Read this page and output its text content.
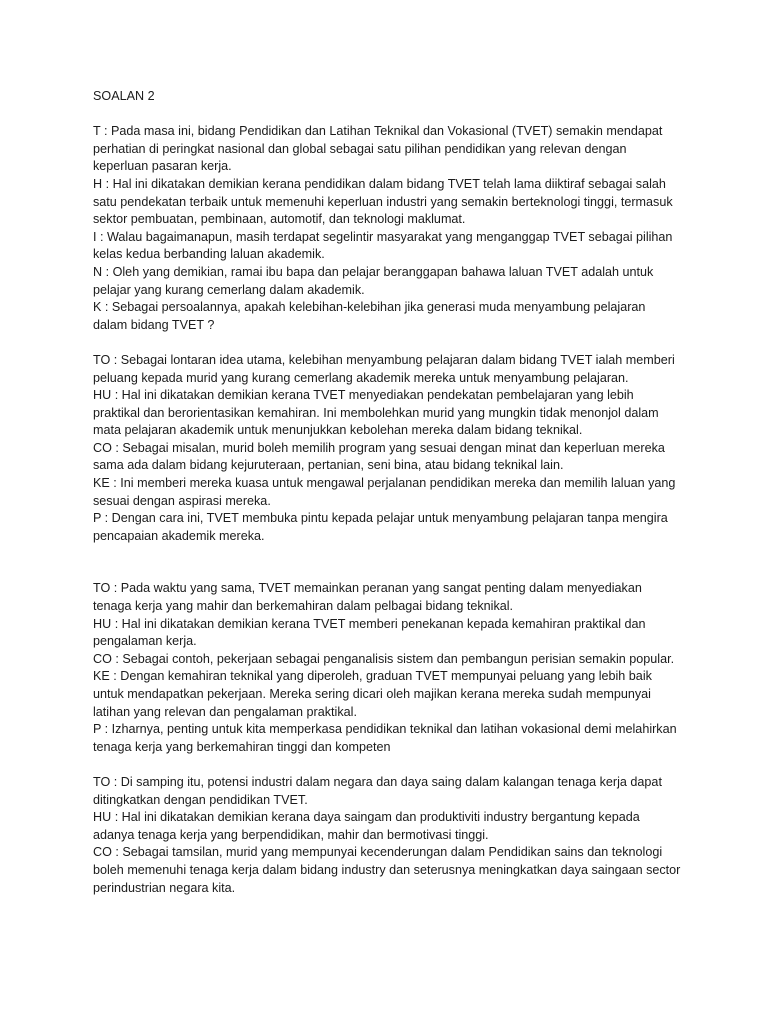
SOALAN 2

T : Pada masa ini, bidang Pendidikan dan Latihan Teknikal dan Vokasional (TVET) semakin mendapat perhatian di peringkat nasional dan global sebagai satu pilihan pendidikan yang relevan dengan keperluan pasaran kerja.

H : Hal ini dikatakan demikian kerana pendidikan dalam bidang TVET telah lama diiktiraf sebagai salah satu pendekatan terbaik untuk memenuhi keperluan industri yang semakin berteknologi tinggi, termasuk sektor pembuatan, pembinaan, automotif, dan teknologi maklumat.

I : Walau bagaimanapun, masih terdapat segelintir masyarakat yang menganggap TVET sebagai pilihan kelas kedua berbanding laluan akademik.

N : Oleh yang demikian, ramai ibu bapa dan pelajar beranggapan bahawa laluan TVET adalah untuk pelajar yang kurang cemerlang dalam akademik.

K : Sebagai persoalannya, apakah kelebihan-kelebihan jika generasi muda menyambung pelajaran dalam bidang TVET ?

TO : Sebagai lontaran idea utama, kelebihan menyambung pelajaran dalam bidang TVET ialah memberi peluang kepada murid yang kurang cemerlang akademik mereka untuk menyambung pelajaran.

HU : Hal ini dikatakan demikian kerana TVET menyediakan pendekatan pembelajaran yang lebih praktikal dan berorientasikan kemahiran. Ini membolehkan murid yang mungkin tidak menonjol dalam mata pelajaran akademik untuk menunjukkan kebolehan mereka dalam bidang teknikal.

CO : Sebagai misalan, murid boleh memilih program yang sesuai dengan minat dan keperluan mereka sama ada dalam bidang kejuruteraan, pertanian, seni bina, atau bidang teknikal lain.

KE : Ini memberi mereka kuasa untuk mengawal perjalanan pendidikan mereka dan memilih laluan yang sesuai dengan aspirasi mereka.

P : Dengan cara ini, TVET membuka pintu kepada pelajar untuk menyambung pelajaran tanpa mengira pencapaian akademik mereka.

TO : Pada waktu yang sama, TVET memainkan peranan yang sangat penting dalam menyediakan tenaga kerja yang mahir dan berkemahiran dalam pelbagai bidang teknikal.

HU : Hal ini dikatakan demikian kerana TVET memberi penekanan kepada kemahiran praktikal dan pengalaman kerja.

CO : Sebagai contoh, pekerjaan sebagai penganalisis sistem dan pembangun perisian semakin popular.

KE : Dengan kemahiran teknikal yang diperoleh, graduan TVET mempunyai peluang yang lebih baik untuk mendapatkan pekerjaan. Mereka sering dicari oleh majikan kerana mereka sudah mempunyai latihan yang relevan dan pengalaman praktikal.

P : Izharnya, penting untuk kita memperkasa pendidikan teknikal dan latihan vokasional demi melahirkan tenaga kerja yang berkemahiran tinggi dan kompeten

TO : Di samping itu, potensi industri dalam negara dan daya saing dalam kalangan tenaga kerja dapat ditingkatkan dengan pendidikan TVET.

HU : Hal ini dikatakan demikian kerana daya saingam dan produktiviti industry bergantung kepada adanya tenaga kerja yang berpendidikan, mahir dan bermotivasi tinggi.

CO : Sebagai tamsilan, murid yang mempunyai kecenderungan dalam Pendidikan sains dan teknologi boleh memenuhi tenaga kerja dalam bidang industry dan seterusnya meningkatkan daya saingaan sector perindustrian negara kita.
